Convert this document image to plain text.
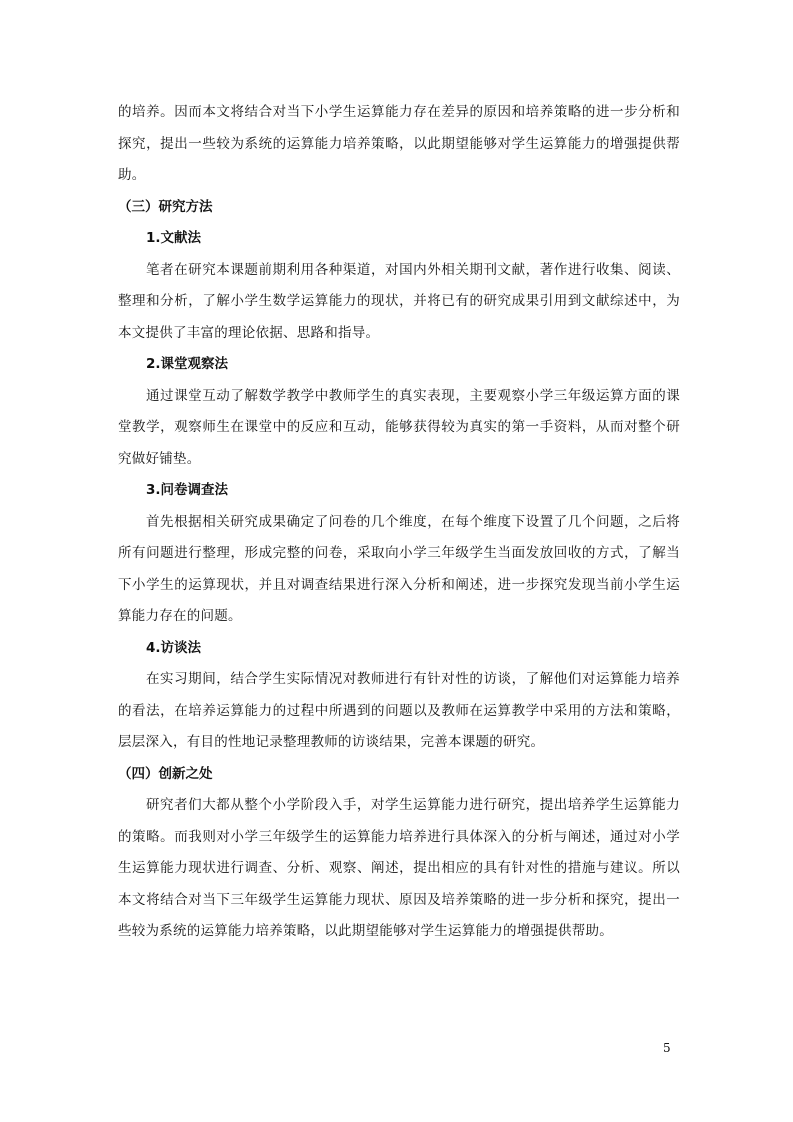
的培养。因而本文将结合对当下小学生运算能力存在差异的原因和培养策略的进一步分析和探究，提出一些较为系统的运算能力培养策略，以此期望能够对学生运算能力的增强提供帮助。

（三）研究方法
1.文献法

笔者在研究本课题前期利用各种渠道，对国内外相关期刊文献，著作进行收集、阅读、整理和分析，了解小学生数学运算能力的现状，并将已有的研究成果引用到文献综述中，为本文提供了丰富的理论依据、思路和指导。

2.课堂观察法

通过课堂互动了解数学教学中教师学生的真实表现，主要观察小学三年级运算方面的课堂教学，观察师生在课堂中的反应和互动，能够获得较为真实的第一手资料，从而对整个研究做好铺垫。

3.问卷调查法

首先根据相关研究成果确定了问卷的几个维度，在每个维度下设置了几个问题，之后将所有问题进行整理，形成完整的问卷，采取向小学三年级学生当面发放回收的方式，了解当下小学生的运算现状，并且对调查结果进行深入分析和阐述，进一步探究发现当前小学生运算能力存在的问题。

4.访谈法

在实习期间，结合学生实际情况对教师进行有针对性的访谈，了解他们对运算能力培养的看法，在培养运算能力的过程中所遇到的问题以及教师在运算教学中采用的方法和策略，层层深入，有目的性地记录整理教师的访谈结果，完善本课题的研究。

（四）创新之处

研究者们大都从整个小学阶段入手，对学生运算能力进行研究，提出培养学生运算能力的策略。而我则对小学三年级学生的运算能力培养进行具体深入的分析与阐述，通过对小学生运算能力现状进行调查、分析、观察、阐述，提出相应的具有针对性的措施与建议。所以本文将结合对当下三年级学生运算能力现状、原因及培养策略的进一步分析和探究，提出一些较为系统的运算能力培养策略，以此期望能够对学生运算能力的增强提供帮助。

5
